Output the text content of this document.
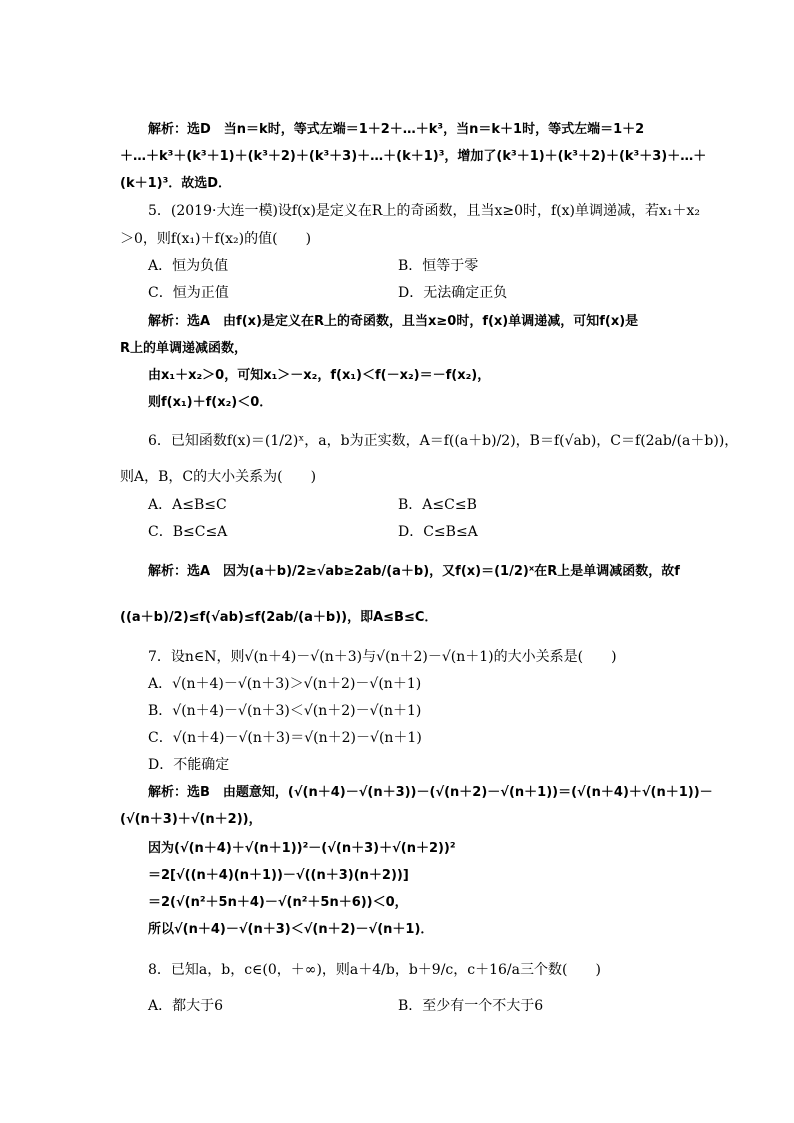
解析：选D　当n＝k时，等式左端＝1＋2＋…＋k³，当n＝k＋1时，等式左端＝1＋2
＋…＋k³＋(k³＋1)＋(k³＋2)＋(k³＋3)＋…＋(k＋1)³，增加了(k³＋1)＋(k³＋2)＋(k³＋3)＋…＋
(k＋1)³．故选D．
5．(2019·大连一模)设f(x)是定义在R上的奇函数，且当x≥0时，f(x)单调递减，若x₁＋x₂
＞0，则f(x₁)＋f(x₂)的值(　　)
A．恒为负值	B．恒等于零
C．恒为正值	D．无法确定正负
解析：选A　由f(x)是定义在R上的奇函数，且当x≥0时，f(x)单调递减，可知f(x)是
R上的单调递减函数，
由x₁＋x₂＞0，可知x₁＞－x₂，f(x₁)＜f(－x₂)＝－f(x₂)，
则f(x₁)＋f(x₂)＜0．
6．已知函数f(x)＝(1/2)ˣ，a，b为正实数，A＝f((a＋b)/2)，B＝f(√ab)，C＝f(2ab/(a＋b))，
则A，B，C的大小关系为(　　)
A．A≤B≤C	B．A≤C≤B
C．B≤C≤A	D．C≤B≤A
解析：选A　因为(a＋b)/2≥√ab≥2ab/(a＋b)，又f(x)＝(1/2)ˣ在R上是单调减函数，故f
((a＋b)/2)≤f(√ab)≤f(2ab/(a＋b))，即A≤B≤C．
7．设n∈N，则√(n＋4)－√(n＋3)与√(n＋2)－√(n＋1)的大小关系是(　　)
A．√(n＋4)－√(n＋3)＞√(n＋2)－√(n＋1)
B．√(n＋4)－√(n＋3)＜√(n＋2)－√(n＋1)
C．√(n＋4)－√(n＋3)＝√(n＋2)－√(n＋1)
D．不能确定
解析：选B　由题意知，(√(n＋4)－√(n＋3))－(√(n＋2)－√(n＋1))＝(√(n＋4)＋√(n＋1))－
(√(n＋3)＋√(n＋2))，
因为(√(n＋4)＋√(n＋1))²－(√(n＋3)＋√(n＋2))²
＝2[√((n＋4)(n＋1))－√((n＋3)(n＋2))]
＝2(√(n²＋5n＋4)－√(n²＋5n＋6))＜0，
所以√(n＋4)－√(n＋3)＜√(n＋2)－√(n＋1)．
8．已知a，b，c∈(0，＋∞)，则a＋4/b，b＋9/c，c＋16/a三个数(　　)
A．都大于6	B．至少有一个不大于6
